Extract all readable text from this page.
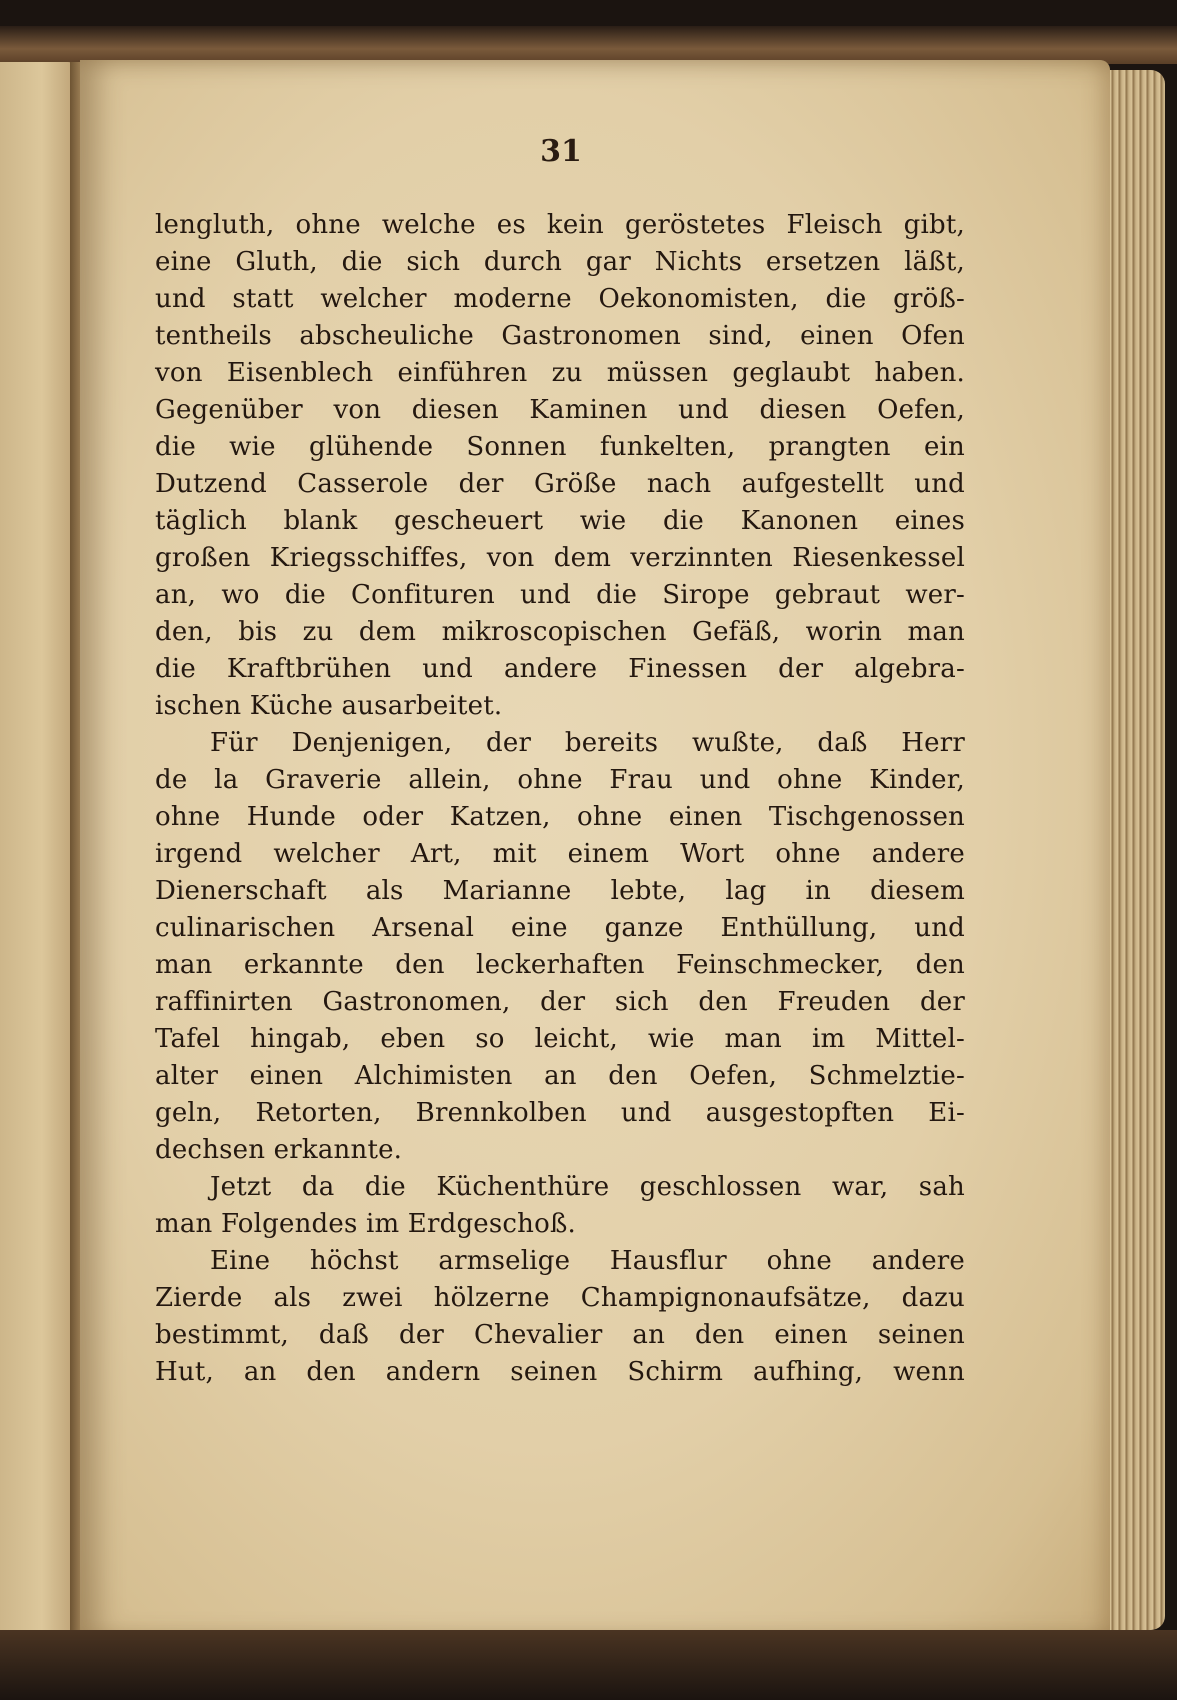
31
lengluth, ohne welche es kein geröstetes Fleisch gibt,
eine Gluth, die sich durch gar Nichts ersetzen läßt,
und statt welcher moderne Oekonomisten, die größ-
tentheils abscheuliche Gastronomen sind, einen Ofen
von Eisenblech einführen zu müssen geglaubt haben.
Gegenüber von diesen Kaminen und diesen Oefen,
die wie glühende Sonnen funkelten, prangten ein
Dutzend Casserole der Größe nach aufgestellt und
täglich blank gescheuert wie die Kanonen eines
großen Kriegsschiffes, von dem verzinnten Riesenkessel
an, wo die Confituren und die Sirope gebraut wer-
den, bis zu dem mikroscopischen Gefäß, worin man
die Kraftbrühen und andere Finessen der algebra-
ischen Küche ausarbeitet.
Für Denjenigen, der bereits wußte, daß Herr
de la Graverie allein, ohne Frau und ohne Kinder,
ohne Hunde oder Katzen, ohne einen Tischgenossen
irgend welcher Art, mit einem Wort ohne andere
Dienerschaft als Marianne lebte, lag in diesem
culinarischen Arsenal eine ganze Enthüllung, und
man erkannte den leckerhaften Feinschmecker, den
raffinirten Gastronomen, der sich den Freuden der
Tafel hingab, eben so leicht, wie man im Mittel-
alter einen Alchimisten an den Oefen, Schmelztie-
geln, Retorten, Brennkolben und ausgestopften Ei-
dechsen erkannte.
Jetzt da die Küchenthüre geschlossen war, sah
man Folgendes im Erdgeschoß.
Eine höchst armselige Hausflur ohne andere
Zierde als zwei hölzerne Champignonaufsätze, dazu
bestimmt, daß der Chevalier an den einen seinen
Hut, an den andern seinen Schirm aufhing, wenn
